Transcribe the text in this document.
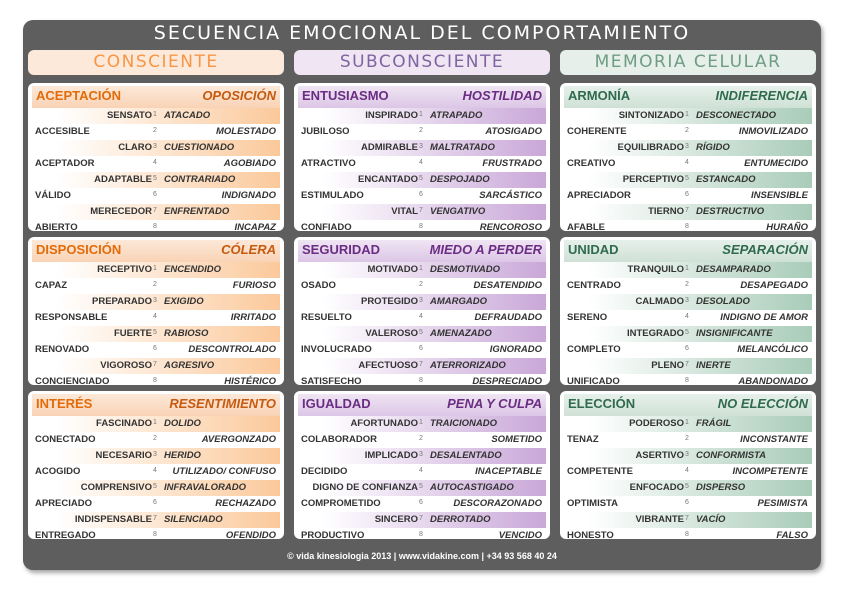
SECUENCIA EMOCIONAL DEL COMPORTAMIENTO
CONSCIENTE	SUBCONSCIENTE	MEMORIA CELULAR
ACEPTACIÓN	OPOSICIÓN
SENSATO 1 ATACADO
ACCESIBLE	2	MOLESTADO
CLARO 3 CUESTIONADO
ACEPTADOR	4	AGOBIADO
ADAPTABLE 5 CONTRARIADO
VÁLIDO	6	INDIGNADO
MERECEDOR 7 ENFRENTADO
ABIERTO	8	INCAPAZ
ENTUSIASMO	HOSTILIDAD
INSPIRADO 1 ATRAPADO
JUBILOSO	2	ATOSIGADO
ADMIRABLE 3 MALTRATADO
ATRACTIVO	4	FRUSTRADO
ENCANTADO 5 DESPOJADO
ESTIMULADO	6	SARCÁSTICO
VITAL 7 VENGATIVO
CONFIADO	8	RENCOROSO
ARMONÍA	INDIFERENCIA
SINTONIZADO 1 DESCONECTADO
COHERENTE	2	INMOVILIZADO
EQUILIBRADO 3 RÍGIDO
CREATIVO	4	ENTUMECIDO
PERCEPTIVO 5 ESTANCADO
APRECIADOR	6	INSENSIBLE
TIERNO 7 DESTRUCTIVO
AFABLE	8	HURAÑO
DISPOSICIÓN	CÓLERA
RECEPTIVO 1 ENCENDIDO
CAPAZ	2	FURIOSO
PREPARADO 3 EXIGIDO
RESPONSABLE	4	IRRITADO
FUERTE 5 RABIOSO
RENOVADO	6	DESCONTROLADO
VIGOROSO 7 AGRESIVO
CONCIENCIADO	8	HISTÉRICO
SEGURIDAD	MIEDO A PERDER
MOTIVADO 1 DESMOTIVADO
OSADO	2	DESATENDIDO
PROTEGIDO 3 AMARGADO
RESUELTO	4	DEFRAUDADO
VALEROSO 5 AMENAZADO
INVOLUCRADO	6	IGNORADO
AFECTUOSO 7 ATERRORIZADO
SATISFECHO	8	DESPRECIADO
UNIDAD	SEPARACIÓN
TRANQUILO 1 DESAMPARADO
CENTRADO	2	DESAPEGADO
CALMADO 3 DESOLADO
SERENO	4	INDIGNO DE AMOR
INTEGRADO 5 INSIGNIFICANTE
COMPLETO	6	MELANCÓLICO
PLENO 7 INERTE
UNIFICADO	8	ABANDONADO
INTERÉS	RESENTIMIENTO
FASCINADO 1 DOLIDO
CONECTADO	2	AVERGONZADO
NECESARIO 3 HERIDO
ACOGIDO	4 UTILIZADO/ CONFUSO
COMPRENSIVO 5 INFRAVALORADO
APRECIADO	6	RECHAZADO
INDISPENSABLE 7 SILENCIADO
ENTREGADO	8	OFENDIDO
IGUALDAD	PENA Y CULPA
AFORTUNADO 1 TRAICIONADO
COLABORADOR	2	SOMETIDO
IMPLICADO 3 DESALENTADO
DECIDIDO	4	INACEPTABLE
DIGNO DE CONFIANZA 5 AUTOCASTIGADO
COMPROMETIDO	6	DESCORAZONADO
SINCERO 7 DERROTADO
PRODUCTIVO	8	VENCIDO
ELECCIÓN	NO ELECCIÓN
PODEROSO 1 FRÁGIL
TENAZ	2	INCONSTANTE
ASERTIVO 3 CONFORMISTA
COMPETENTE	4	INCOMPETENTE
ENFOCADO 5 DISPERSO
OPTIMISTA	6	PESIMISTA
VIBRANTE 7 VACÍO
HONESTO	8	FALSO
© vida kinesiologia 2013 | www.vidakine.com | +34 93 568 40 24
